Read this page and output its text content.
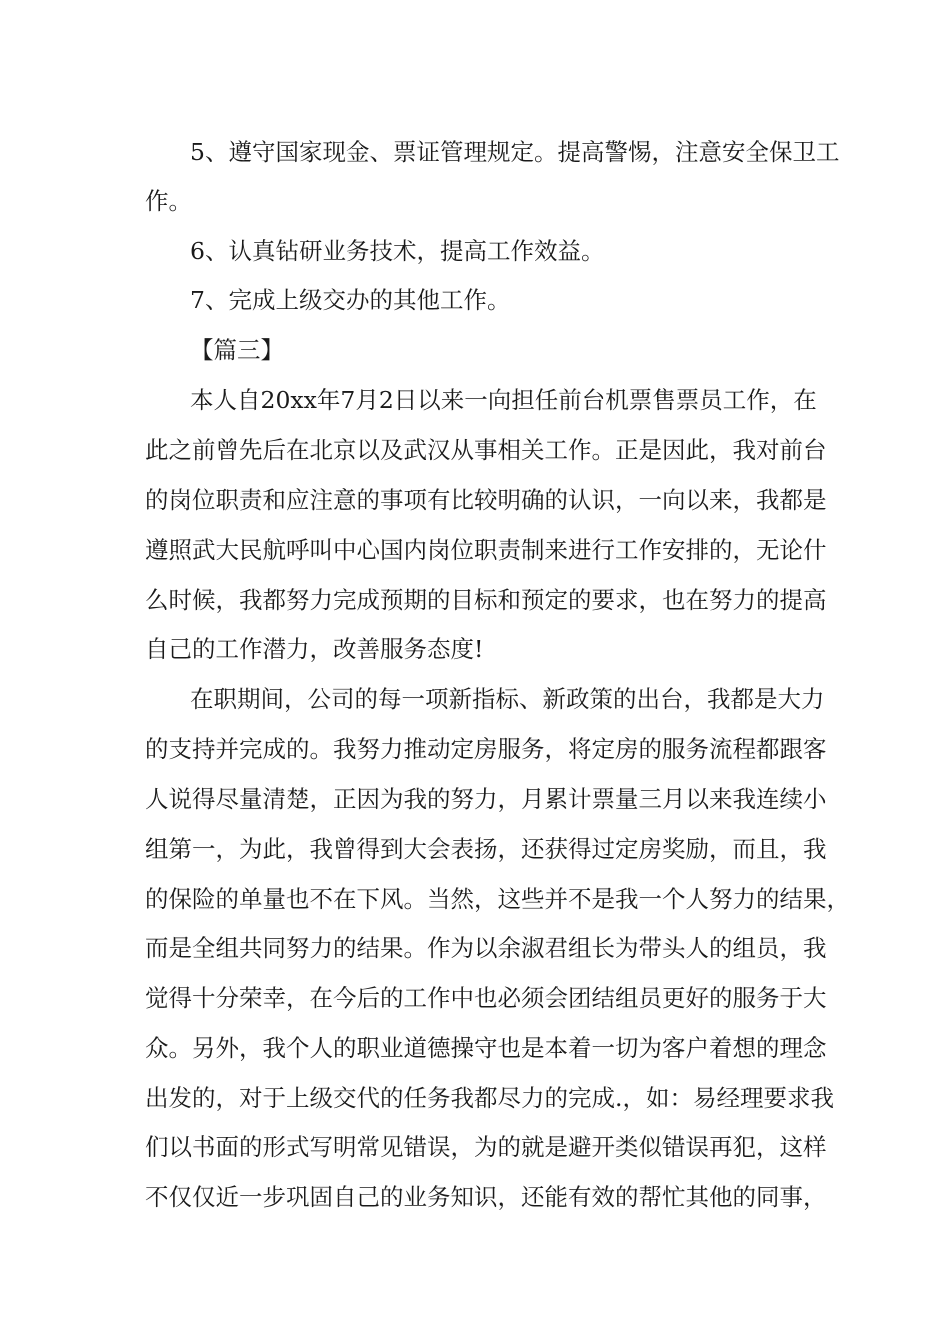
5、遵守国家现金、票证管理规定。提高警惕，注意安全保卫工
作。
6、认真钻研业务技术，提高工作效益。
7、完成上级交办的其他工作。
【篇三】
本人自20xx年7月2日以来一向担任前台机票售票员工作，在
此之前曾先后在北京以及武汉从事相关工作。正是因此，我对前台
的岗位职责和应注意的事项有比较明确的认识，一向以来，我都是
遵照武大民航呼叫中心国内岗位职责制来进行工作安排的，无论什
么时候，我都努力完成预期的目标和预定的要求，也在努力的提高
自己的工作潜力，改善服务态度!
在职期间，公司的每一项新指标、新政策的出台，我都是大力
的支持并完成的。我努力推动定房服务，将定房的服务流程都跟客
人说得尽量清楚，正因为我的努力，月累计票量三月以来我连续小
组第一，为此，我曾得到大会表扬，还获得过定房奖励，而且，我
的保险的单量也不在下风。当然，这些并不是我一个人努力的结果，
而是全组共同努力的结果。作为以余淑君组长为带头人的组员，我
觉得十分荣幸，在今后的工作中也必须会团结组员更好的服务于大
众。另外，我个人的职业道德操守也是本着一切为客户着想的理念
出发的，对于上级交代的任务我都尽力的完成.，如：易经理要求我
们以书面的形式写明常见错误，为的就是避开类似错误再犯，这样
不仅仅近一步巩固自己的业务知识，还能有效的帮忙其他的同事，
